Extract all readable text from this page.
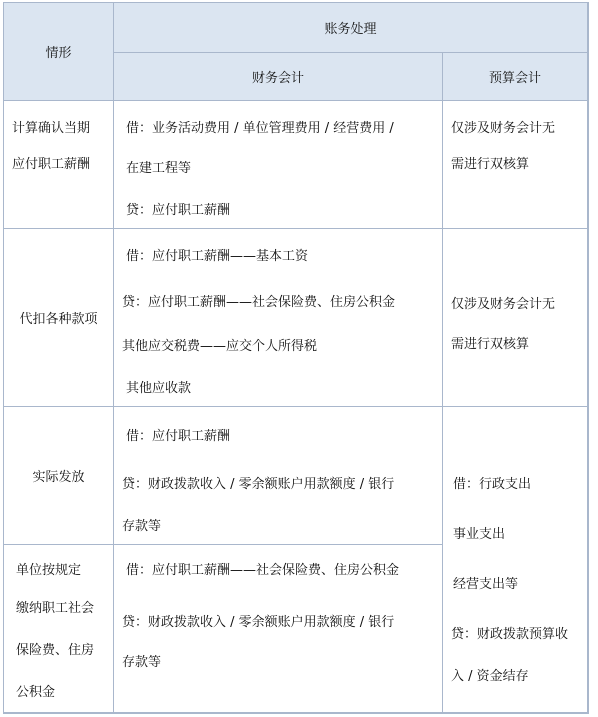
情形
账务处理
财务会计	预算会计
计算确认当期
应付职工薪酬
借：业务活动费用 / 单位管理费用 / 经营费用 /
在建工程等
贷：应付职工薪酬
仅涉及财务会计无
需进行双核算
代扣各种款项
借：应付职工薪酬——基本工资
贷：应付职工薪酬——社会保险费、住房公积金
其他应交税费——应交个人所得税
其他应收款
仅涉及财务会计无
需进行双核算
实际发放
借：应付职工薪酬
贷：财政拨款收入 / 零余额账户用款额度 / 银行
存款等
单位按规定
缴纳职工社会
保险费、住房
公积金
借：应付职工薪酬——社会保险费、住房公积金
贷：财政拨款收入 / 零余额账户用款额度 / 银行
存款等
借：行政支出
事业支出
经营支出等
贷：财政拨款预算收
入 / 资金结存
